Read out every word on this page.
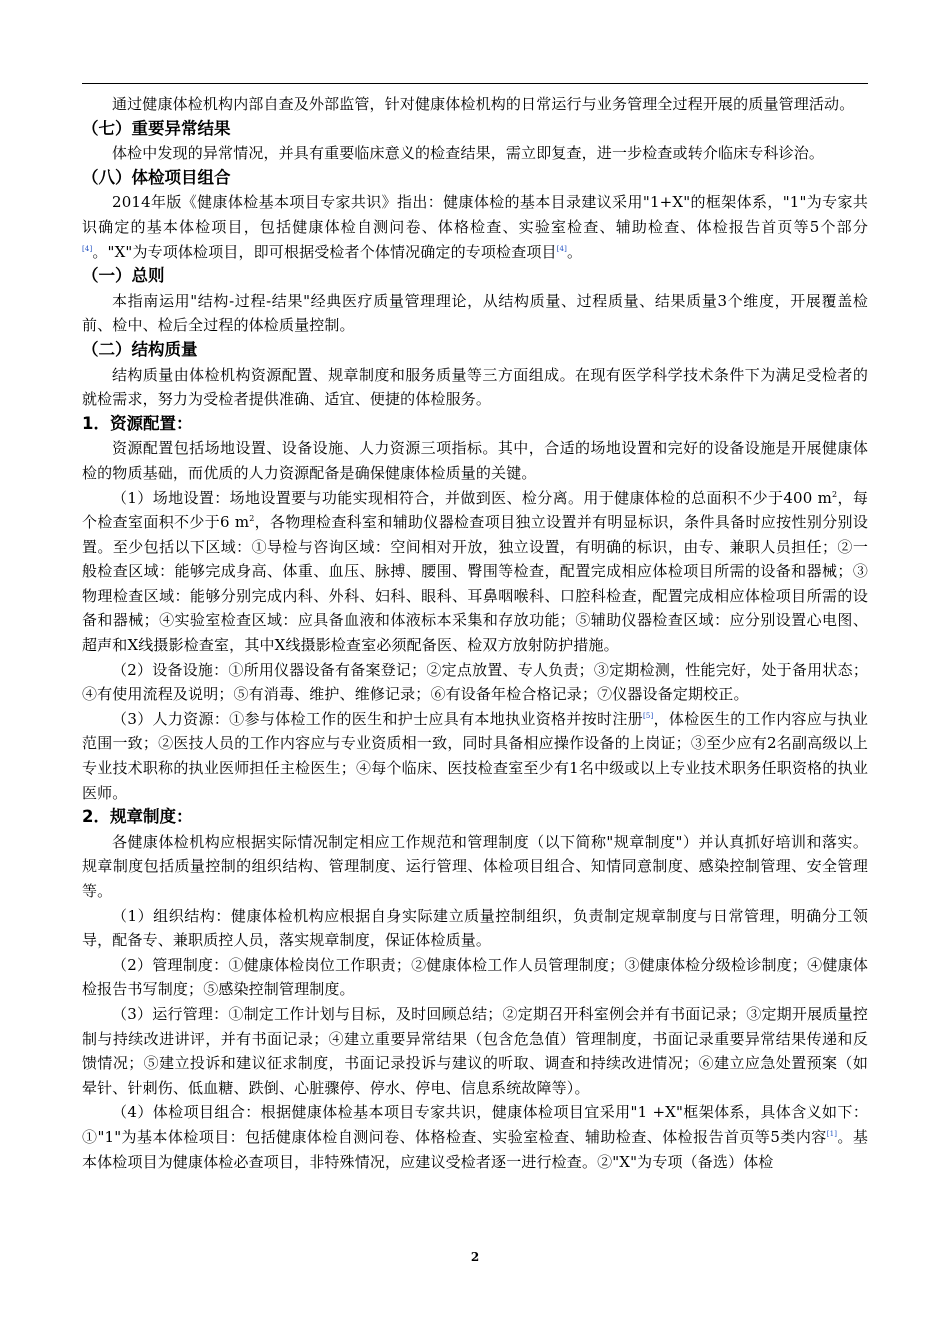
通过健康体检机构内部自查及外部监管，针对健康体检机构的日常运行与业务管理全过程开展的质量管理活动。

（七）重要异常结果

体检中发现的异常情况，并具有重要临床意义的检查结果，需立即复查，进一步检查或转介临床专科诊治。

（八）体检项目组合

2014年版《健康体检基本项目专家共识》指出：健康体检的基本目录建议采用"1+X"的框架体系，"1"为专家共识确定的基本体检项目，包括健康体检自测问卷、体格检查、实验室检查、辅助检查、体检报告首页等5个部分[4]。"X"为专项体检项目，即可根据受检者个体情况确定的专项检查项目[4]。

（一）总则

本指南运用"结构-过程-结果"经典医疗质量管理理论，从结构质量、过程质量、结果质量3个维度，开展覆盖检前、检中、检后全过程的体检质量控制。

（二）结构质量

结构质量由体检机构资源配置、规章制度和服务质量等三方面组成。在现有医学科学技术条件下为满足受检者的就检需求，努力为受检者提供准确、适宜、便捷的体检服务。

1．资源配置：

资源配置包括场地设置、设备设施、人力资源三项指标。其中，合适的场地设置和完好的设备设施是开展健康体检的物质基础，而优质的人力资源配备是确保健康体检质量的关键。

（1）场地设置：场地设置要与功能实现相符合，并做到医、检分离。用于健康体检的总面积不少于400 $m^2$，每个检查室面积不少于6 $m^2$，各物理检查科室和辅助仪器检查项目独立设置并有明显标识，条件具备时应按性别分别设置。至少包括以下区域：①导检与咨询区域：空间相对开放，独立设置，有明确的标识，由专、兼职人员担任；②一般检查区域：能够完成身高、体重、血压、脉搏、腰围、臀围等检查，配置完成相应体检项目所需的设备和器械；③物理检查区域：能够分别完成内科、外科、妇科、眼科、耳鼻咽喉科、口腔科检查，配置完成相应体检项目所需的设备和器械；④实验室检查区域：应具备血液和体液标本采集和存放功能；⑤辅助仪器检查区域：应分别设置心电图、超声和X线摄影检查室，其中X线摄影检查室必须配备医、检双方放射防护措施。

（2）设备设施：①所用仪器设备有备案登记；②定点放置、专人负责；③定期检测，性能完好，处于备用状态；④有使用流程及说明；⑤有消毒、维护、维修记录；⑥有设备年检合格记录；⑦仪器设备定期校正。

（3）人力资源：①参与体检工作的医生和护士应具有本地执业资格并按时注册[5]，体检医生的工作内容应与执业范围一致；②医技人员的工作内容应与专业资质相一致，同时具备相应操作设备的上岗证；③至少应有2名副高级以上专业技术职称的执业医师担任主检医生；④每个临床、医技检查室至少有1名中级或以上专业技术职务任职资格的执业医师。

2．规章制度：

各健康体检机构应根据实际情况制定相应工作规范和管理制度（以下简称"规章制度"）并认真抓好培训和落实。规章制度包括质量控制的组织结构、管理制度、运行管理、体检项目组合、知情同意制度、感染控制管理、安全管理等。

（1）组织结构：健康体检机构应根据自身实际建立质量控制组织，负责制定规章制度与日常管理，明确分工领导，配备专、兼职质控人员，落实规章制度，保证体检质量。

（2）管理制度：①健康体检岗位工作职责；②健康体检工作人员管理制度；③健康体检分级检诊制度；④健康体检报告书写制度；⑤感染控制管理制度。

（3）运行管理：①制定工作计划与目标，及时回顾总结；②定期召开科室例会并有书面记录；③定期开展质量控制与持续改进讲评，并有书面记录；④建立重要异常结果（包含危急值）管理制度，书面记录重要异常结果传递和反馈情况；⑤建立投诉和建议征求制度，书面记录投诉与建议的听取、调查和持续改进情况；⑥建立应急处置预案（如晕针、针刺伤、低血糖、跌倒、心脏骤停、停水、停电、信息系统故障等）。

（4）体检项目组合：根据健康体检基本项目专家共识，健康体检项目宜采用"1 +X"框架体系，具体含义如下：①"1"为基本体检项目：包括健康体检自测问卷、体格检查、实验室检查、辅助检查、体检报告首页等5类内容[1]。基本体检项目为健康体检必查项目，非特殊情况，应建议受检者逐一进行检查。②"X"为专项（备选）体检

2
